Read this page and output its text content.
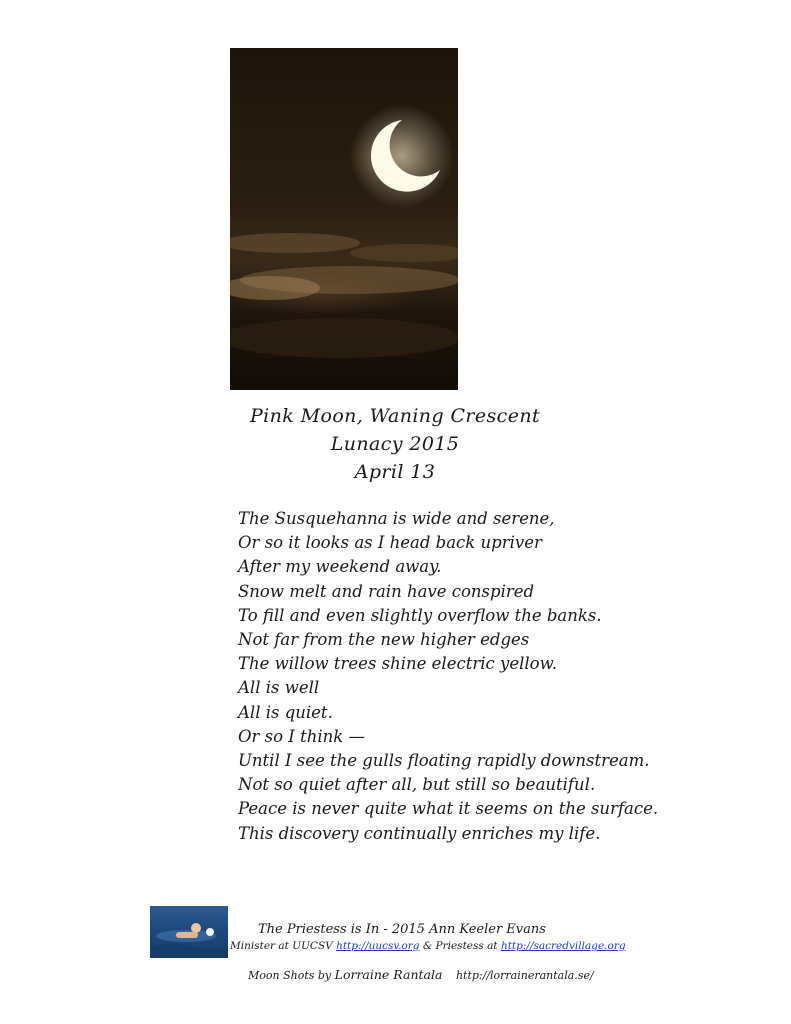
Pink Moon, Waning Crescent
Lunacy 2015
April 13
The Susquehanna is wide and serene,
Or so it looks as I head back upriver
After my weekend away.
Snow melt and rain have conspired
To fill and even slightly overflow the banks.
Not far from the new higher edges
The willow trees shine electric yellow.
All is well
All is quiet.
Or so I think —
Until I see the gulls floating rapidly downstream.
Not so quiet after all, but still so beautiful.
Peace is never quite what it seems on the surface.
This discovery continually enriches my life.
The Priestess is In - 2015 Ann Keeler Evans
Minister at UUCSV http://uucsv.org & Priestess at http://sacredvillage.org
Moon Shots by Lorraine Rantala http://lorrainerantala.se/
